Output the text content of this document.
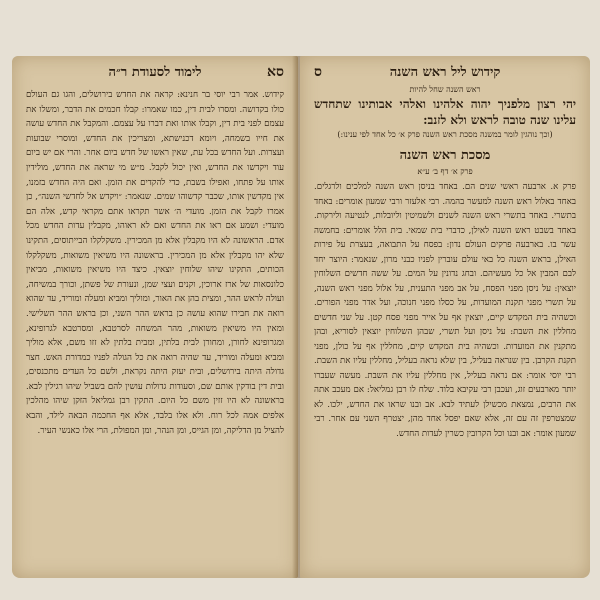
סא
לימוד לסעודת ר״ה
קידוש. אמר רבי יוסי בר חנינא: קראה את החדש בירושלים, והגו גם העולם כולו בקדושה. ומסרו לבית דין, כמו שאמרו: קבלו חכמים את הדבר, ומשלו את עצמם לפני בית דין, וקבלו אותו ואת דברו על עצמם. והמקבל את החדש עושה את חייו בשמחה, ויומא דכנישתא, ומצריכין את החדש, ומוסרי שבועות ועצרות. ועל החדש בכל עת, שאין ראשו של חדש ביום אחר. והרי אם יש ביום עוד ויקדשו את החדש, ואין יכול לקבל. מ״ש מי שראה את החדש, מולידין אותו על פתחו, ואפילו בשבת, כדי להקדים את הזמן. ואם היה החדש בזמנו, אין מקדשין אותו, שכבר קדשוהו שמים. שנאמר: ״ויקדש אל לחדשי השנה״, כן אמרו לקבל את הזמן. מועדי ה׳ אשר תקראו אתם מקראי קדש, אלה הם מועדי: ושמע אם ראו את החדש ואם לא ראוהו, מקבלין עדות החדש מכל אדם. הראשונה לא היו מקבלין אלא מן המכירין. משקלקלו הבייתוסים, התקינו שלא יהו מקבלין אלא מן המכירין. בראשונה היו משיאין משואות, משקלקלו הכותים, התקינו שיהו שלוחין יוצאין. כיצד היו משיאין משואות, מביאין כלונסאות של ארז ארוכין, וקנים ועצי שמן, ונעורת של פשתן, וכורך במשיחה, ועולה לראש ההר, ומצית בהן את האור, ומוליך ומביא ומעלה ומוריד, עד שהוא רואה את חבירו שהוא עושה כן בראש ההר השני, וכן בראש ההר השלישי. ומאין היו משיאין משואות, מהר המשחה לסרטבא, ומסרטבא לגרופינא, ומגרופינא לחורן, ומחורן לבית בלתין, ומבית בלתין לא זזו משם, אלא מוליך ומביא ומעלה ומוריד, עד שהיה רואה את כל הגולה לפניו כמדורת האש. חצר גדולה היתה בירושלים, ובית יעזק היתה נקראת, ולשם כל העדים מתכנסים, ובית דין בודקין אותם שם, וסעודות גדולות עושין להם בשביל שיהו רגילין לבא. בראשונה לא היו זזין משם כל היום. התקין רבן גמליאל הזקן שיהו מהלכין אלפים אמה לכל רוח. ולא אלו בלבד, אלא אף החכמה הבאה לילד, והבא להציל מן הדליקה, ומן הגייס, ומן הנהר, ומן המפולת, הרי אלו כאנשי העיר.
ס	קידוש ליל ראש השנה
ראש השנה שחל להיות
יהי רצון מלפניך יהוה אלהינו ואלהי אבותינו שתחדש עלינו שנה טובה לראש ולא לזנב:
(וכך נוהגין לומר במשנה מסכת ראש השנה פרק א׳ כל אחד לפי ענינו:)
מסכת ראש השנה
פרק א׳ דף ב׳ ע״א
פרק א. ארבעה ראשי שנים הם. באחד בניסן ראש השנה למלכים ולרגלים. באחד באלול ראש השנה למעשר בהמה. רבי אלעזר ורבי שמעון אומרים: באחד בתשרי. באחד בתשרי ראש השנה לשנים ולשמיטין וליובלות, לנטיעה ולירקות. באחד בשבט ראש השנה לאילן, כדברי בית שמאי. בית הלל אומרים: בחמשה עשר בו. בארבעה פרקים העולם נדון: בפסח על התבואה, בעצרת על פירות האילן, בראש השנה כל באי עולם עוברין לפניו כבני מרון, שנאמר: היוצר יחד לבם המבין אל כל מעשיהם. ובחג נדונין על המים. על ששה חדשים השלוחין יוצאין: על ניסן מפני הפסח, על אב מפני התענית, על אלול מפני ראש השנה, על תשרי מפני תקנת המועדות, על כסלו מפני חנוכה, ועל אדר מפני הפורים. וכשהיה בית המקדש קיים, יוצאין אף על אייר מפני פסח קטן. על שני חדשים מחללין את השבת: על ניסן ועל תשרי, שבהן השלוחין יוצאין לסוריא, ובהן מתקנין את המועדות. וכשהיה בית המקדש קיים, מחללין אף על כולן, מפני תקנת הקרבן. בין שנראה בעליל, בין שלא נראה בעליל, מחללין עליו את השבת. רבי יוסי אומר: אם נראה בעליל, אין מחללין עליו את השבת. מעשה שעברו יותר מארבעים זוג, ועכבן רבי עקיבא בלוד. שלח לו רבן גמליאל: אם מעכב אתה את הרבים, נמצאת מכשילן לעתיד לבא. אב ובנו שראו את החדש, ילכו. לא שמצטרפין זה עם זה, אלא שאם יפסל אחד מהן, יצטרף השני עם אחר. רבי שמעון אומר: אב ובנו וכל הקרובין כשרין לעדות החדש.
